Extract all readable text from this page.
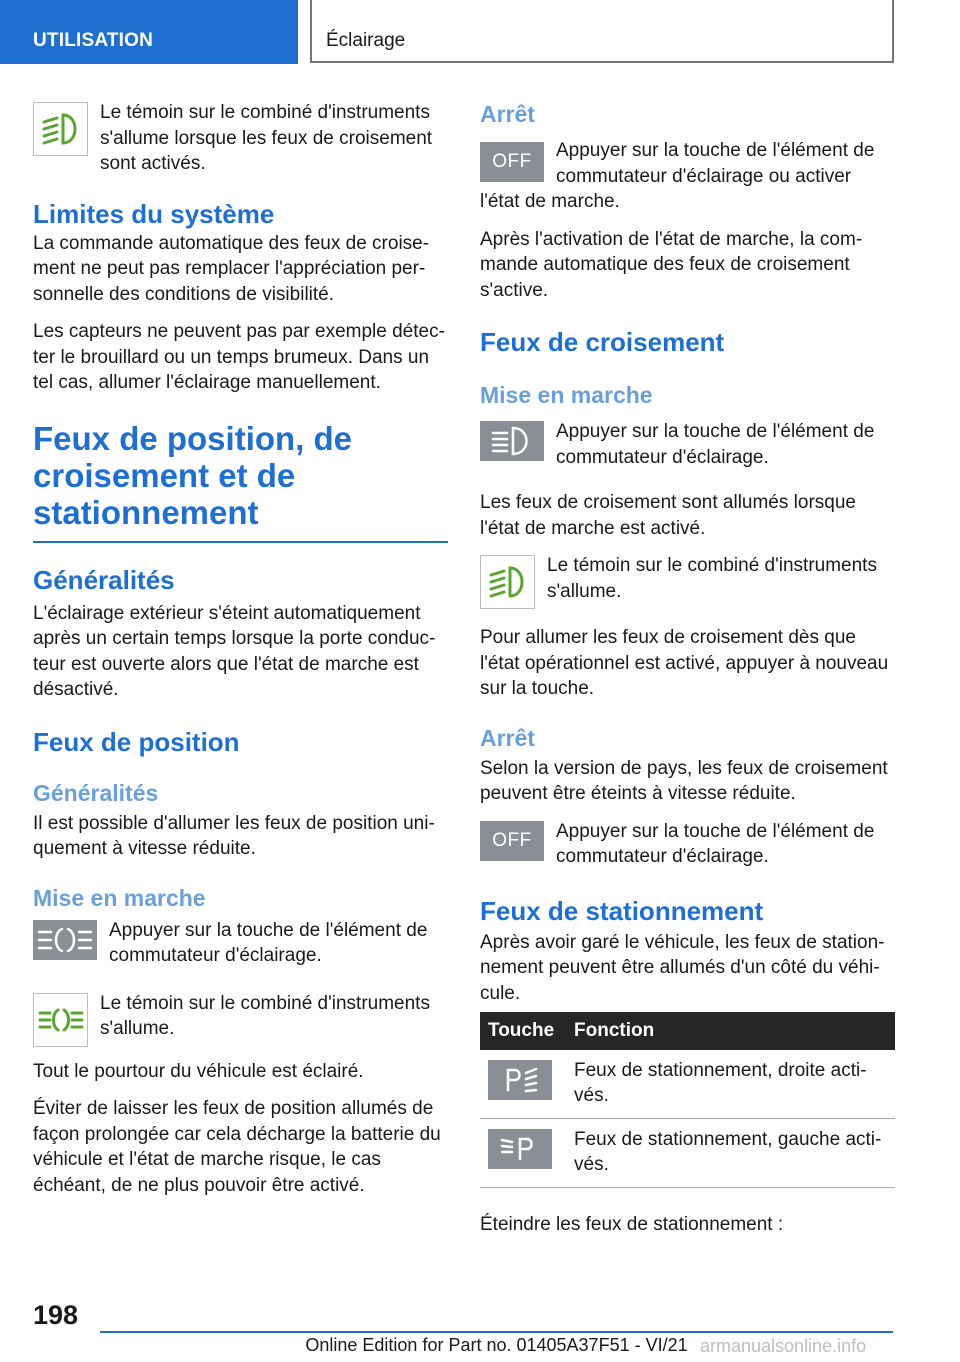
UTILISATION	Éclairage

Le témoin sur le combiné d'instruments s'allume lorsque les feux de croisement sont activés.

Limites du système

La commande automatique des feux de croisement ne peut pas remplacer l'appréciation personnelle des conditions de visibilité.

Les capteurs ne peuvent pas par exemple détecter le brouillard ou un temps brumeux. Dans un tel cas, allumer l'éclairage manuellement.

Feux de position, de croisement et de stationnement
Généralités

L'éclairage extérieur s'éteint automatiquement après un certain temps lorsque la porte conducteur est ouverte alors que l'état de marche est désactivé.

Feux de position
Généralités

Il est possible d'allumer les feux de position uniquement à vitesse réduite.

Mise en marche

Appuyer sur la touche de l'élément de commutateur d'éclairage.

Le témoin sur le combiné d'instruments s'allume.

Tout le pourtour du véhicule est éclairé.

Éviter de laisser les feux de position allumés de façon prolongée car cela décharge la batterie du véhicule et l'état de marche risque, le cas échéant, de ne plus pouvoir être activé.

Arrêt
OFF

Appuyer sur la touche de l'élément de commutateur d'éclairage ou activer l'état de marche.

Après l'activation de l'état de marche, la commande automatique des feux de croisement s'active.

Feux de croisement
Mise en marche

Appuyer sur la touche de l'élément de commutateur d'éclairage.

Les feux de croisement sont allumés lorsque l'état de marche est activé.

Le témoin sur le combiné d'instruments s'allume.

Pour allumer les feux de croisement dès que l'état opérationnel est activé, appuyer à nouveau sur la touche.

Arrêt

Selon la version de pays, les feux de croisement peuvent être éteints à vitesse réduite.

OFF Appuyer sur la touche de l'élément de commutateur d'éclairage.

Feux de stationnement

Après avoir garé le véhicule, les feux de stationnement peuvent être allumés d'un côté du véhicule.

Touche	Fonction

	Feux de stationnement, droite activés.

	Feux de stationnement, gauche activés.

Éteindre les feux de stationnement :

198
Online Edition for Part no. 01405A37F51 - VI/21 armanualsonline.info
